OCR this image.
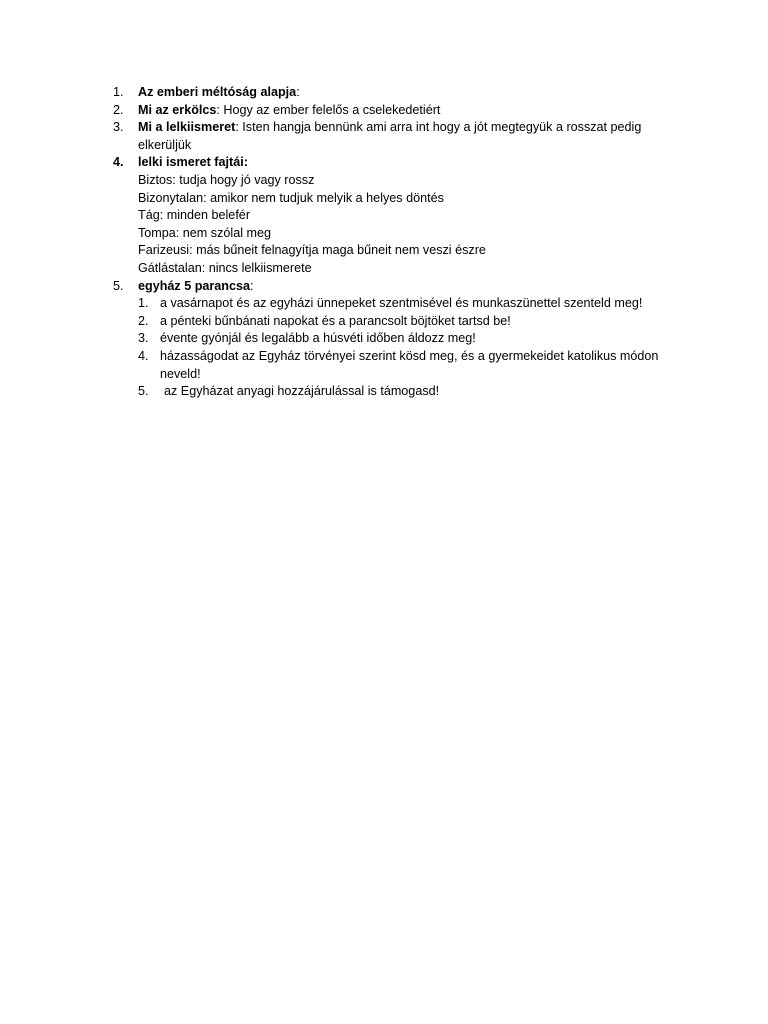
1. Az emberi méltóság alapja:
2. Mi az erkölcs: Hogy az ember felelős a cselekedetiért
3. Mi a lelkiismeret: Isten hangja bennünk ami arra int hogy a jót megtegyük a rosszat pedig elkerüljük
4. lelki ismeret fajtái:
Biztos: tudja hogy jó vagy rossz
Bizonytalan: amikor nem tudjuk melyik a helyes döntés
Tág: minden belefér
Tompa: nem szólal meg
Farizeusi: más bűneit felnagyítja maga bűneit nem veszi észre
Gátlástalan: nincs lelkiismerete
5. egyház 5 parancsa:
1. a vasárnapot és az egyházi ünnepeket szentmisével és munkaszünettel szenteld meg!
2. a pénteki bűnbánati napokat és a parancsolt böjtöket tartsd be!
3. évente gyónjál és legalább a húsvéti időben áldozz meg!
4. házasságodat az Egyház törvényei szerint kösd meg, és a gyermekeidet katolikus módon neveld!
5. az Egyházat anyagi hozzájárulással is támogasd!
